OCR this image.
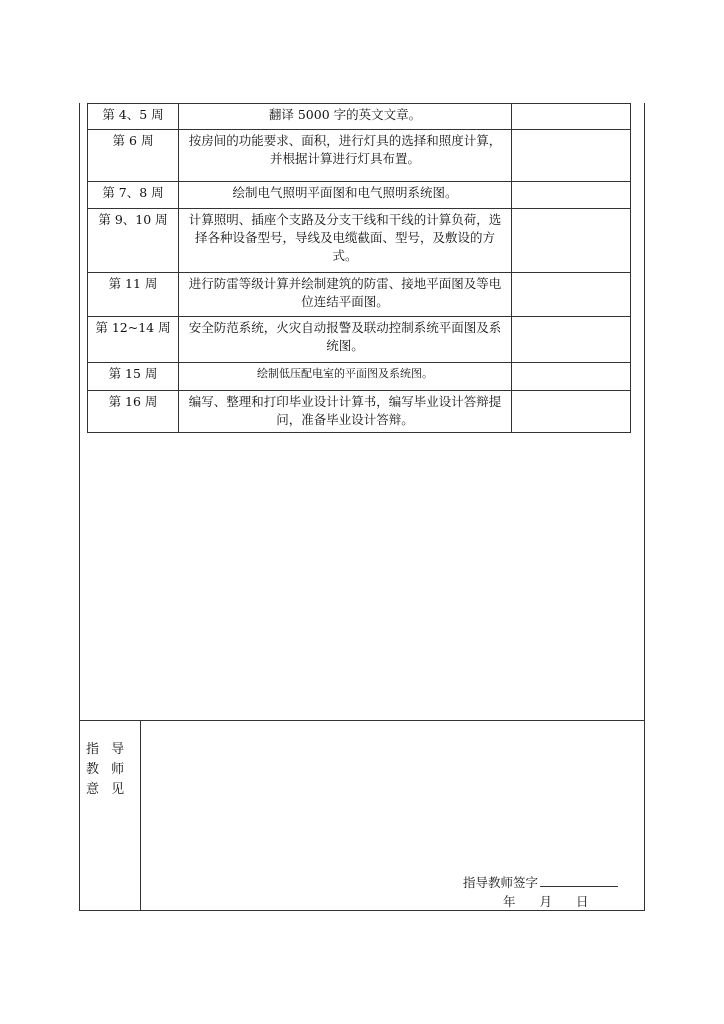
第 4、5 周	翻译 5000 字的英文文章。	
第 6 周	按房间的功能要求、面积，进行灯具的选择和照度计算，并根据计算进行灯具布置。	
第 7、8 周	绘制电气照明平面图和电气照明系统图。	
第 9、10 周	计算照明、插座个支路及分支干线和干线的计算负荷，选择各种设备型号，导线及电缆截面、型号，及敷设的方式。	
第 11 周	进行防雷等级计算并绘制建筑的防雷、接地平面图及等电位连结平面图。	
第 12~14 周	安全防范系统，火灾自动报警及联动控制系统平面图及系统图。	
第 15 周	绘制低压配电室的平面图及系统图。	
第 16 周	编写、整理和打印毕业设计计算书，编写毕业设计答辩提问，准备毕业设计答辩。	
指 导
教 师
意 见
指导教师签字
年 月 日
